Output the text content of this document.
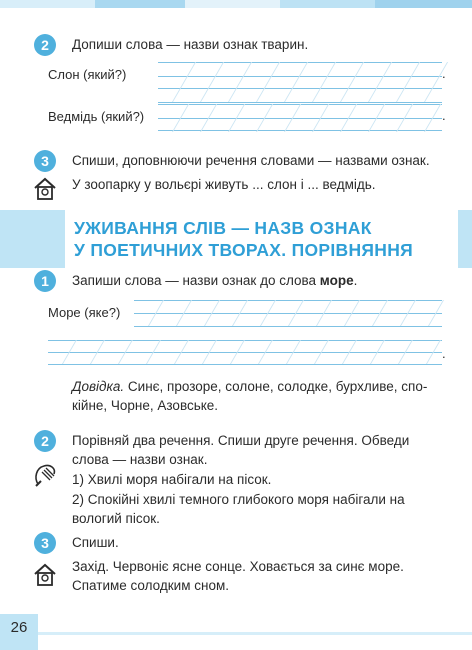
2	Допиши слова — назви ознак тварин.
Слон (який?)	.
Ведмідь (який?)	.
3	Спиши, доповнюючи речення словами — назвами ознак.
У зоопарку у вольєрі живуть ... слон і ... ведмідь.
УЖИВАННЯ СЛІВ — НАЗВ ОЗНАК
У ПОЕТИЧНИХ ТВОРАХ. ПОРІВНЯННЯ
1	Запиши слова — назви ознак до слова море.
Море (яке?)
.
Довідка. Синє, прозоре, солоне, солодке, бурхливе, спо-
кійне, Чорне, Азовське.
2	Порівняй два речення. Спиши друге речення. Обведи
слова — назви ознак.
1) Хвилі моря набігали на пісок.
2) Спокійні хвилі темного глибокого моря набігали на
вологий пісок.
3	Спиши.
Захід. Червоніє ясне сонце. Ховається за синє море.
Спатиме солодким сном.
26
